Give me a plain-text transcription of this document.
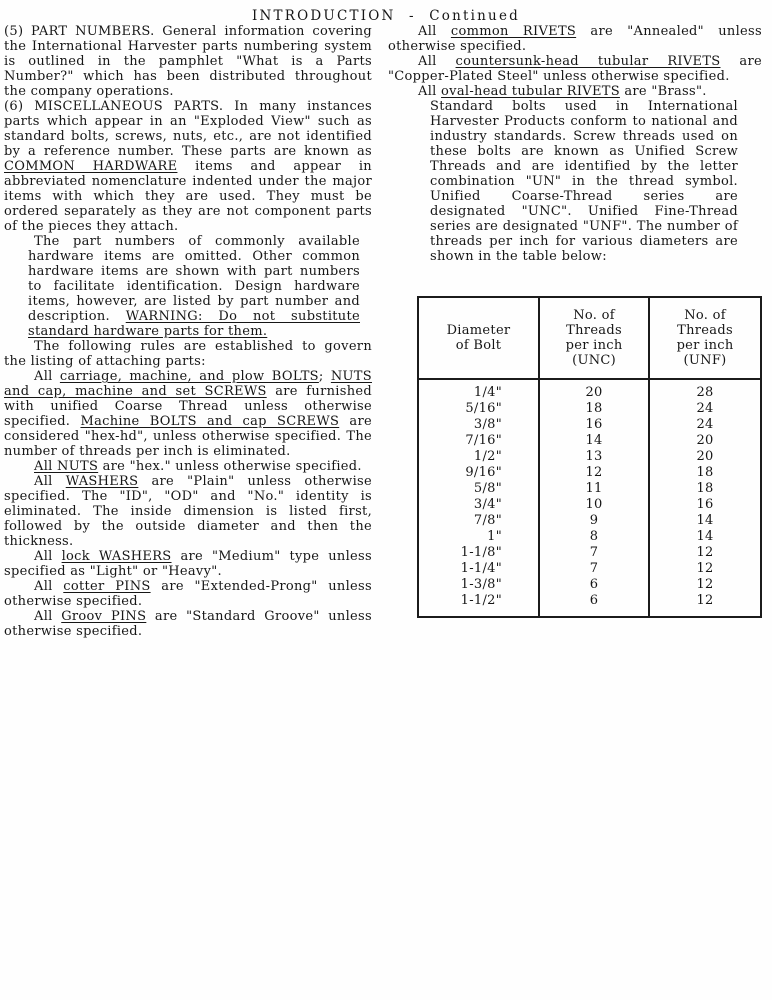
INTRODUCTION - Continued

(5) PART NUMBERS. General information covering the International Harvester parts numbering system is outlined in the pamphlet "What is a Parts Number?" which has been distributed throughout the company operations.

(6) MISCELLANEOUS PARTS. In many instances parts which appear in an "Exploded View" such as standard bolts, screws, nuts, etc., are not identified by a reference number. These parts are known as COMMON HARDWARE items and appear in abbreviated nomenclature indented under the major items with which they are used. They must be ordered separately as they are not component parts of the pieces they attach.

The part numbers of commonly available hardware items are omitted. Other common hardware items are shown with part numbers to facilitate identification. Design hardware items, however, are listed by part number and description. WARNING: Do not substitute standard hardware parts for them.

The following rules are established to govern the listing of attaching parts:

All carriage, machine, and plow BOLTS; NUTS and cap, machine and set SCREWS are furnished with unified Coarse Thread unless otherwise specified. Machine BOLTS and cap SCREWS are considered "hex-hd", unless otherwise specified. The number of threads per inch is eliminated.

All NUTS are "hex." unless otherwise specified.

All WASHERS are "Plain" unless otherwise specified. The "ID", "OD" and "No." identity is eliminated. The inside dimension is listed first, followed by the outside diameter and then the thickness.

All lock WASHERS are "Medium" type unless specified as "Light" or "Heavy".

All cotter PINS are "Extended-Prong" unless otherwise specified.

All Groov PINS are "Standard Groove" unless otherwise specified.

All common RIVETS are "Annealed" unless otherwise specified.

All countersunk-head tubular RIVETS are "Copper-Plated Steel" unless otherwise specified.

All oval-head tubular RIVETS are "Brass".

Standard bolts used in International Harvester Products conform to national and industry standards. Screw threads used on these bolts are known as Unified Screw Threads and are identified by the letter combination "UN" in the thread symbol. Unified Coarse-Thread series are designated "UNC". Unified Fine-Thread series are designated "UNF". The number of threads per inch for various diameters are shown in the table below:

Diameter of Bolt	No. of Threads per inch (UNC)	No. of Threads per inch (UNF)
1/4"	20	28
5/16"	18	24
3/8"	16	24
7/16"	14	20
1/2"	13	20
9/16"	12	18
5/8"	11	18
3/4"	10	16
7/8"	9	14
1"	8	14
1-1/8"	7	12
1-1/4"	7	12
1-3/8"	6	12
1-1/2"	6	12
